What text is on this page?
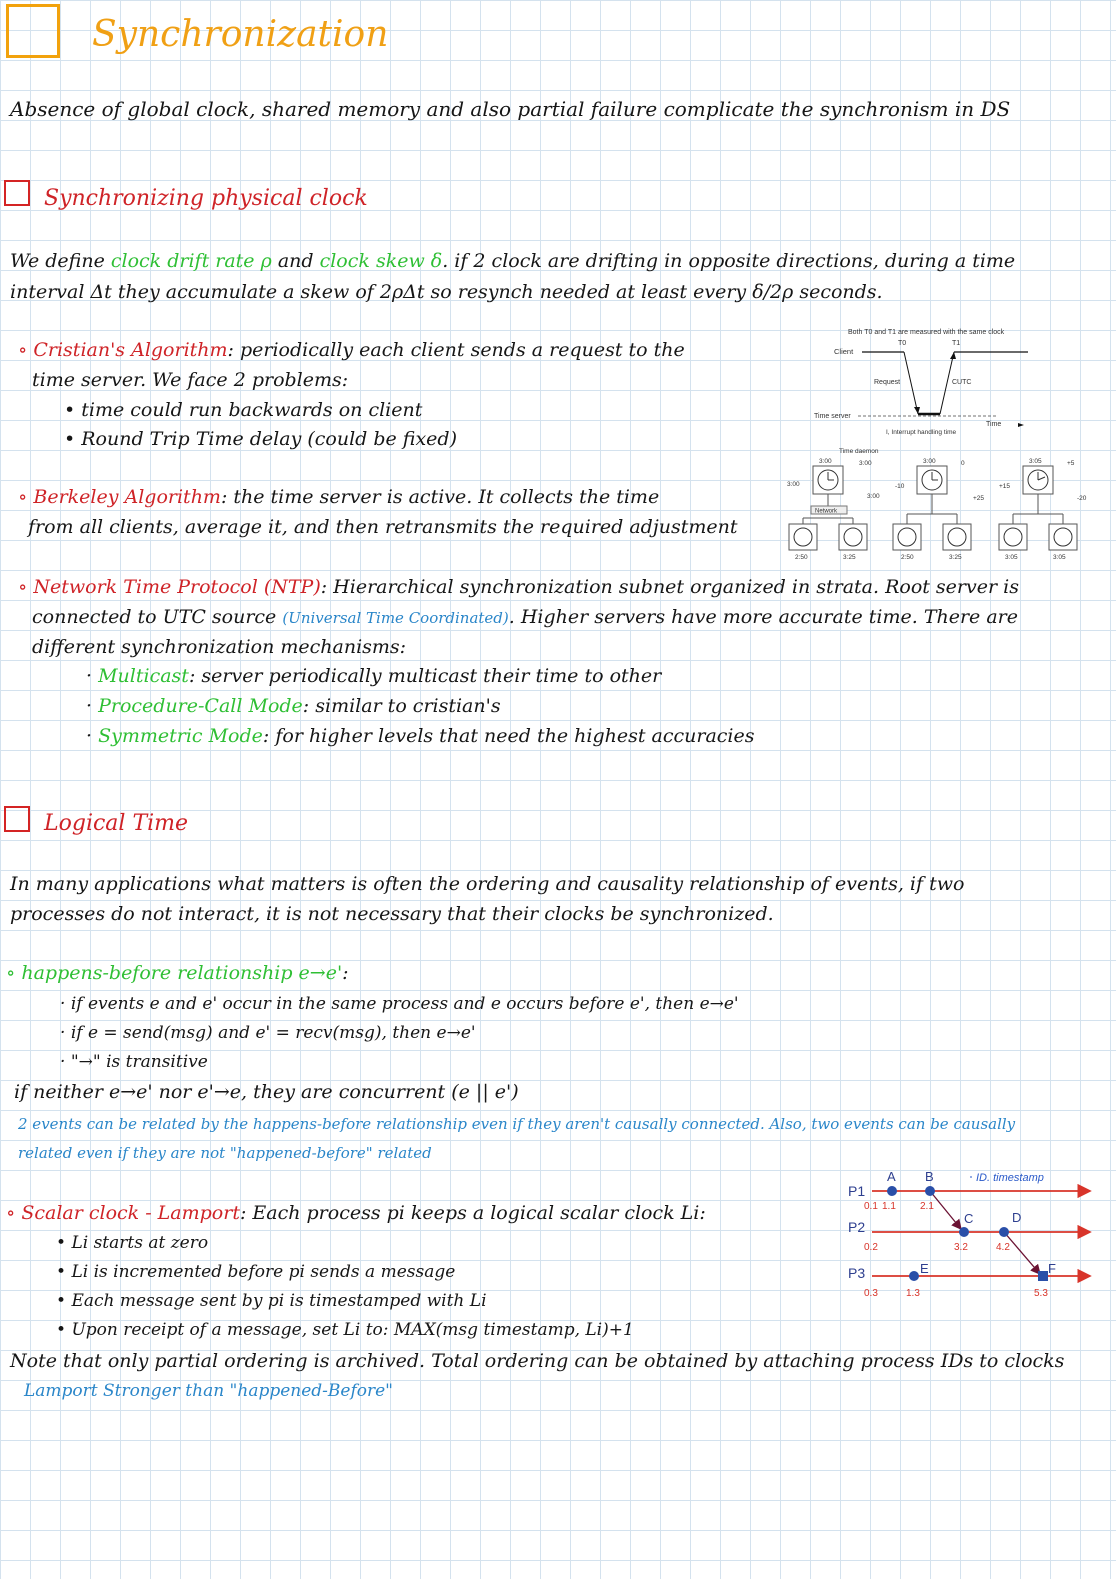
Synchronization
Absence of global clock, shared memory and also partial failure complicate the synchronism in DS
Synchronizing physical clock
We define clock drift rate ρ and clock skew δ. if 2 clock are drifting in opposite directions, during a time
interval Δt they accumulate a skew of 2ρΔt so resynch needed at least every δ/2ρ seconds.
∘ Cristian's Algorithm: periodically each client sends a request to the
time server. We face 2 problems:
• time could run backwards on client
• Round Trip Time delay (could be fixed)
Both T0 and T1 are measured with the same clock
Client
T0	T1
Request	CUTC
Time server
Time
I, Interrupt handling time
∘ Berkeley Algorithm: the time server is active. It collects the time
from all clients, average it, and then retransmits the required adjustment
Time daemon
3:00	3:00
3:00
3:00
Network
2:50	3:25
3:00	0
-10
+25
2:50	3:25
3:05	+5
+15
-20
3:05	3:05
∘ Network Time Protocol (NTP): Hierarchical synchronization subnet organized in strata. Root server is
connected to UTC source (Universal Time Coordinated). Higher servers have more accurate time. There are
different synchronization mechanisms:
· Multicast: server periodically multicast their time to other
· Procedure-Call Mode: similar to cristian's
· Symmetric Mode: for higher levels that need the highest accuracies
Logical Time
In many applications what matters is often the ordering and causality relationship of events, if two
processes do not interact, it is not necessary that their clocks be synchronized.
∘ happens-before relationship e→e':
· if events e and e' occur in the same process and e occurs before e', then e→e'
· if e = send(msg) and e' = recv(msg), then e→e'
· "→" is transitive
if neither e→e' nor e'→e, they are concurrent (e || e')
2 events can be related by the happens-before relationship even if they aren't causally connected. Also, two events can be causally
related even if they are not "happened-before" related
∘ Scalar clock - Lamport: Each process pi keeps a logical scalar clock Li:
• Li starts at zero
• Li is incremented before pi sends a message
• Each message sent by pi is timestamped with Li
• Upon receipt of a message, set Li to: MAX(msg timestamp, Li)+1
Note that only partial ordering is archived. Total ordering can be obtained by attaching process IDs to clocks
Lamport Stronger than "happened-Before"
ID. timestamp
P1
P2
P3
A B
C	D
E	F
0.1 1.1 2.1
0.2	3.2	4.2
0.3	1.3	5.3
